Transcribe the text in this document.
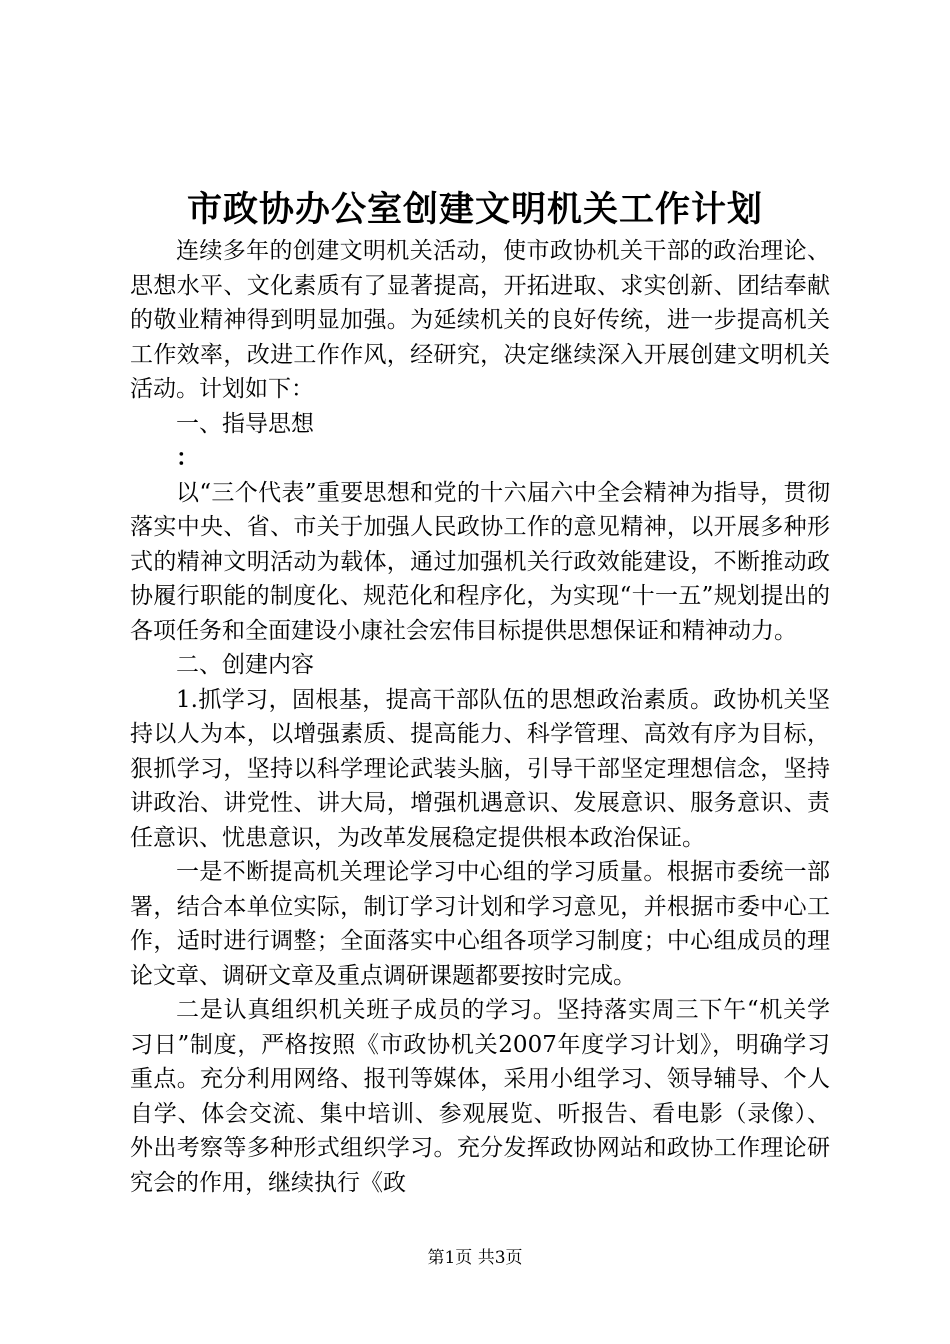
市政协办公室创建文明机关工作计划

连续多年的创建文明机关活动，使市政协机关干部的政治理论、思想水平、文化素质有了显著提高，开拓进取、求实创新、团结奉献的敬业精神得到明显加强。为延续机关的良好传统，进一步提高机关工作效率，改进工作作风，经研究，决定继续深入开展创建文明机关活动。计划如下：

一、指导思想

：

以“三个代表”重要思想和党的十六届六中全会精神为指导，贯彻落实中央、省、市关于加强人民政协工作的意见精神，以开展多种形式的精神文明活动为载体，通过加强机关行政效能建设，不断推动政协履行职能的制度化、规范化和程序化，为实现“十一五”规划提出的各项任务和全面建设小康社会宏伟目标提供思想保证和精神动力。

二、创建内容

1.抓学习，固根基，提高干部队伍的思想政治素质。政协机关坚持以人为本，以增强素质、提高能力、科学管理、高效有序为目标，狠抓学习，坚持以科学理论武装头脑，引导干部坚定理想信念，坚持讲政治、讲党性、讲大局，增强机遇意识、发展意识、服务意识、责任意识、忧患意识，为改革发展稳定提供根本政治保证。

一是不断提高机关理论学习中心组的学习质量。根据市委统一部署，结合本单位实际，制订学习计划和学习意见，并根据市委中心工作，适时进行调整；全面落实中心组各项学习制度；中心组成员的理论文章、调研文章及重点调研课题都要按时完成。

二是认真组织机关班子成员的学习。坚持落实周三下午“机关学习日”制度，严格按照《市政协机关2007年度学习计划》，明确学习重点。充分利用网络、报刊等媒体，采用小组学习、领导辅导、个人自学、体会交流、集中培训、参观展览、听报告、看电影（录像）、外出考察等多种形式组织学习。充分发挥政协网站和政协工作理论研究会的作用，继续执行《政

第1页 共3页
